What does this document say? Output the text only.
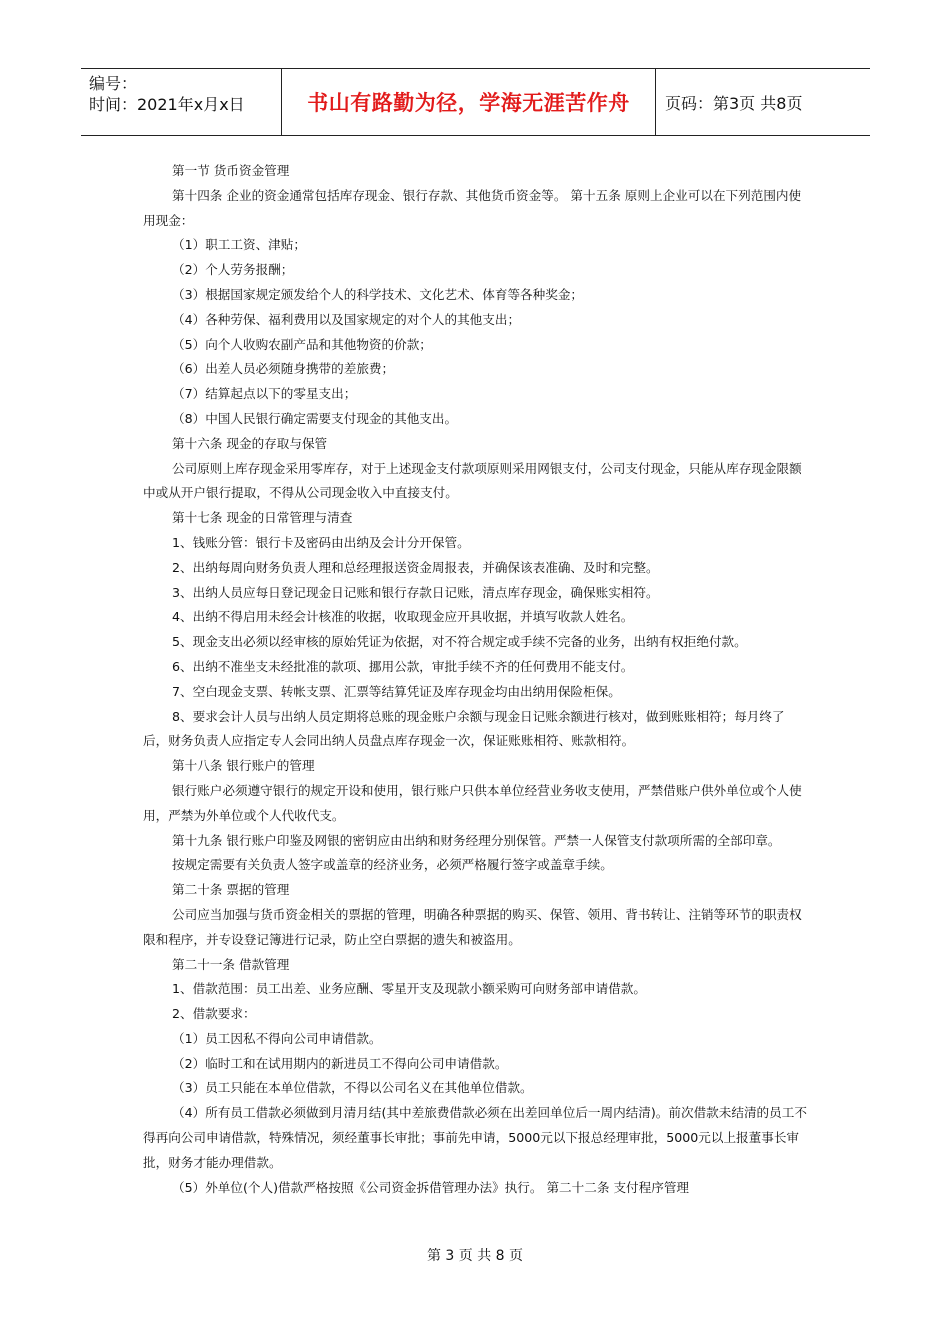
编号：
时间：2021年x月x日	书山有路勤为径，学海无涯苦作舟	页码：第3页 共8页

第一节 货币资金管理

第十四条 企业的资金通常包括库存现金、银行存款、其他货币资金等。 第十五条 原则上企业可以在下列范围内使用现金：

（1）职工工资、津贴；

（2）个人劳务报酬；

（3）根据国家规定颁发给个人的科学技术、文化艺术、体育等各种奖金；

（4）各种劳保、福利费用以及国家规定的对个人的其他支出；

（5）向个人收购农副产品和其他物资的价款；

（6）出差人员必须随身携带的差旅费；

（7）结算起点以下的零星支出；

（8）中国人民银行确定需要支付现金的其他支出。

第十六条 现金的存取与保管

公司原则上库存现金采用零库存，对于上述现金支付款项原则采用网银支付，公司支付现金，只能从库存现金限额中或从开户银行提取，不得从公司现金收入中直接支付。

第十七条 现金的日常管理与清查

1、钱账分管：银行卡及密码由出纳及会计分开保管。

2、出纳每周向财务负责人理和总经理报送资金周报表，并确保该表准确、及时和完整。

3、出纳人员应每日登记现金日记账和银行存款日记账，清点库存现金，确保账实相符。

4、出纳不得启用未经会计核准的收据，收取现金应开具收据，并填写收款人姓名。

5、现金支出必须以经审核的原始凭证为依据，对不符合规定或手续不完备的业务，出纳有权拒绝付款。

6、出纳不准坐支未经批准的款项、挪用公款，审批手续不齐的任何费用不能支付。

7、空白现金支票、转帐支票、汇票等结算凭证及库存现金均由出纳用保险柜保。

8、要求会计人员与出纳人员定期将总账的现金账户余额与现金日记账余额进行核对，做到账账相符；每月终了后，财务负责人应指定专人会同出纳人员盘点库存现金一次，保证账账相符、账款相符。

第十八条 银行账户的管理

银行账户必须遵守银行的规定开设和使用，银行账户只供本单位经营业务收支使用，严禁借账户供外单位或个人使用，严禁为外单位或个人代收代支。

第十九条 银行账户印鉴及网银的密钥应由出纳和财务经理分别保管。严禁一人保管支付款项所需的全部印章。

按规定需要有关负责人签字或盖章的经济业务，必须严格履行签字或盖章手续。

第二十条 票据的管理

公司应当加强与货币资金相关的票据的管理，明确各种票据的购买、保管、领用、背书转让、注销等环节的职责权限和程序，并专设登记簿进行记录，防止空白票据的遗失和被盗用。

第二十一条 借款管理

1、借款范围：员工出差、业务应酬、零星开支及现款小额采购可向财务部申请借款。

2、借款要求：

（1）员工因私不得向公司申请借款。

（2）临时工和在试用期内的新进员工不得向公司申请借款。

（3）员工只能在本单位借款，不得以公司名义在其他单位借款。

（4）所有员工借款必须做到月清月结(其中差旅费借款必须在出差回单位后一周内结清)。前次借款未结清的员工不得再向公司申请借款，特殊情况，须经董事长审批；事前先申请，5000元以下报总经理审批，5000元以上报董事长审批，财务才能办理借款。

（5）外单位(个人)借款严格按照《公司资金拆借管理办法》执行。 第二十二条 支付程序管理

第 3 页 共 8 页
